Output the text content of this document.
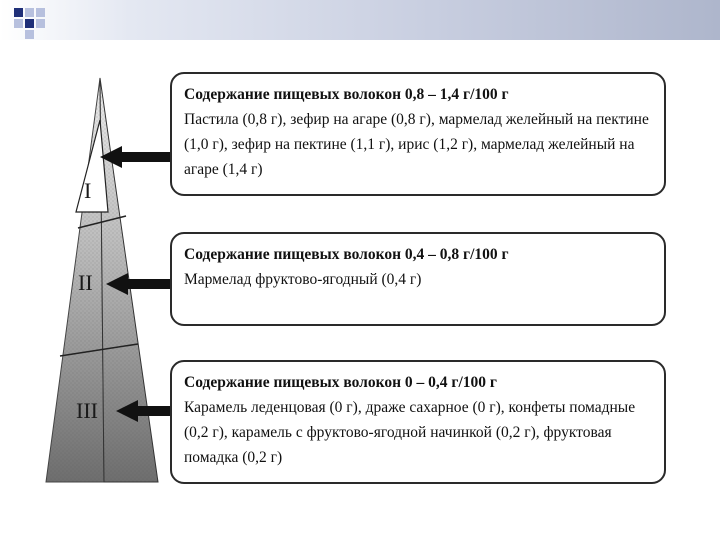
I
II
III
Содержание пищевых волокон 0,8 – 1,4 г/100 г
Пастила (0,8 г), зефир на агаре (0,8 г), мармелад желейный на пектине (1,0 г), зефир на пектине (1,1 г), ирис (1,2 г), мармелад желейный на агаре (1,4 г)
Содержание пищевых волокон 0,4 – 0,8 г/100 г
Мармелад фруктово-ягодный (0,4 г)
Содержание пищевых волокон 0 – 0,4 г/100 г
Карамель леденцовая (0 г), драже сахарное (0 г), конфеты помадные (0,2 г), карамель с фруктово-ягодной начинкой (0,2 г), фруктовая помадка (0,2 г)
